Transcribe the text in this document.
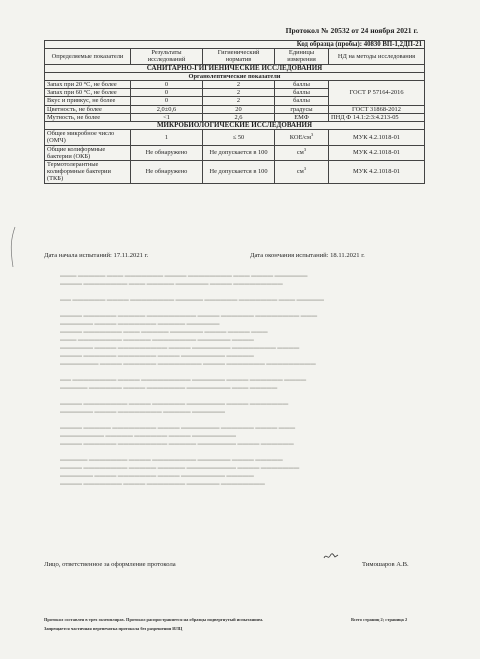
▬▬▬ ▬▬▬▬▬ ▬▬▬ ▬▬▬▬▬▬▬ ▬▬▬▬ ▬▬▬▬▬▬▬▬ ▬▬▬ ▬▬▬▬ ▬▬▬▬▬▬
▬▬▬▬ ▬▬▬▬▬▬▬▬ ▬▬▬ ▬▬▬▬▬ ▬▬▬▬▬▬ ▬▬▬▬ ▬▬▬▬▬▬▬▬▬

▬▬ ▬▬▬▬▬▬ ▬▬▬▬ ▬▬▬▬▬▬▬▬ ▬▬▬▬▬ ▬▬▬▬▬▬ ▬▬▬▬▬▬▬ ▬▬▬ ▬▬▬▬▬

▬▬▬▬ ▬▬▬▬▬▬ ▬▬▬▬▬ ▬▬▬▬▬▬▬▬▬ ▬▬▬▬ ▬▬▬▬▬▬ ▬▬▬▬▬▬▬▬ ▬▬▬
▬▬▬▬▬▬ ▬▬▬▬ ▬▬▬▬▬▬▬ ▬▬▬▬▬ ▬▬▬▬▬▬
▬▬▬▬ ▬▬▬▬▬▬▬ ▬▬▬ ▬▬▬▬▬ ▬▬▬▬▬▬ ▬▬▬▬ ▬▬▬▬ ▬▬▬
▬▬▬ ▬▬▬▬▬▬▬▬ ▬▬▬▬▬ ▬▬▬▬▬▬▬▬ ▬▬▬▬▬▬ ▬▬▬▬
▬▬▬▬▬▬ ▬▬▬▬ ▬▬▬▬▬▬▬▬▬ ▬▬▬▬ ▬▬▬▬▬▬▬ ▬▬▬▬▬▬▬▬ ▬▬▬▬
▬▬▬▬ ▬▬▬▬▬▬ ▬▬▬▬▬▬▬ ▬▬▬▬ ▬▬▬▬▬▬▬▬ ▬▬▬▬▬
▬▬▬▬▬▬▬ ▬▬▬▬ ▬▬▬▬▬▬ ▬▬▬▬▬▬▬▬ ▬▬▬▬ ▬▬▬▬▬▬▬ ▬▬▬▬▬▬▬▬▬

▬▬ ▬▬▬▬▬▬▬▬ ▬▬▬▬ ▬▬▬▬▬▬▬▬▬ ▬▬▬▬▬▬ ▬▬▬▬ ▬▬▬▬▬▬ ▬▬▬▬
▬▬▬▬▬ ▬▬▬▬▬▬ ▬▬▬▬ ▬▬▬▬▬▬▬ ▬▬▬▬▬▬▬▬ ▬▬▬ ▬▬▬▬▬

▬▬▬▬ ▬▬▬▬▬▬▬▬ ▬▬▬▬ ▬▬▬▬▬▬ ▬▬▬▬▬▬▬ ▬▬▬▬ ▬▬▬▬▬▬▬
▬▬▬▬▬▬ ▬▬▬▬ ▬▬▬▬▬▬▬▬ ▬▬▬▬▬ ▬▬▬▬▬▬

▬▬▬▬ ▬▬▬▬▬ ▬▬▬▬▬▬▬▬ ▬▬▬▬ ▬▬▬▬▬▬▬ ▬▬▬▬▬▬ ▬▬▬▬ ▬▬▬
▬▬▬▬▬▬▬▬ ▬▬▬▬▬ ▬▬▬▬▬▬ ▬▬▬▬ ▬▬▬▬▬▬▬▬
▬▬▬▬ ▬▬▬▬▬▬ ▬▬▬▬▬▬▬▬▬ ▬▬▬▬▬ ▬▬▬▬▬▬▬ ▬▬▬▬ ▬▬▬▬▬▬

▬▬▬▬▬ ▬▬▬▬▬▬▬ ▬▬▬▬ ▬▬▬▬▬▬▬▬ ▬▬▬▬▬▬ ▬▬▬▬ ▬▬▬▬▬
▬▬▬▬ ▬▬▬▬▬▬▬▬ ▬▬▬▬▬ ▬▬▬▬▬ ▬▬▬▬▬▬▬▬▬ ▬▬▬▬ ▬▬▬▬▬▬▬
▬▬▬▬▬▬ ▬▬▬▬ ▬▬▬▬▬▬▬ ▬▬▬▬ ▬▬▬▬▬▬▬▬ ▬▬▬▬▬
▬▬▬▬ ▬▬▬▬▬▬▬ ▬▬▬▬ ▬▬▬▬▬▬▬ ▬▬▬▬▬▬ ▬▬▬▬▬▬▬▬
Протокол № 20532 от 24 ноября 2021 г.
Код образца (пробы): 40830 ВП-1,2ДП-21				
Определяемые показатели	Результаты исследований	Гигиенический норматив	Единицы измерения	НД на методы исследования
САНИТАРНО-ГИГИЕНИЧЕСКИЕ ИССЛЕДОВАНИЯ				
Органолептические показатели				
Запах при 20 °С, не более	0	2	баллы	ГОСТ Р 57164-2016
Запах при 60 °С, не более	0	2	баллы	
Вкус и привкус, не более	0	2	баллы	
Цветность, не более	2,0±0,6	20	градусы	ГОСТ 31868-2012
Мутность, не более	<1	2,6	ЕМФ	ПНД Ф 14.1:2:3:4.213-05
МИКРОБИОЛОГИЧЕСКИЕ ИССЛЕДОВАНИЯ				
Общее микробное число (ОМЧ)	1	≤ 50	КОЕ/$см^3$	МУК 4.2.1018-01
Общие колиформные бактерии (ОКБ)	Не обнаружено	Не допускается в 100	$см^3$	МУК 4.2.1018-01
Термотолерантные колиформные бактерии (ТКБ)	Не обнаружено	Не допускается в 100	$см^3$	МУК 4.2.1018-01
Дата начала испытаний: 17.11.2021 г.	Дата окончания испытаний: 18.11.2021 г.
Лицо, ответственное за оформление протокола	Тимошаров А.В.
Протокол составлен в трех экземплярах. Протокол распространяется на образцы подвергнутый испытаниям.
Запрещается частичная перепечатка протокола без разрешения ИЛЦ
Всего страниц 2; страница 2
